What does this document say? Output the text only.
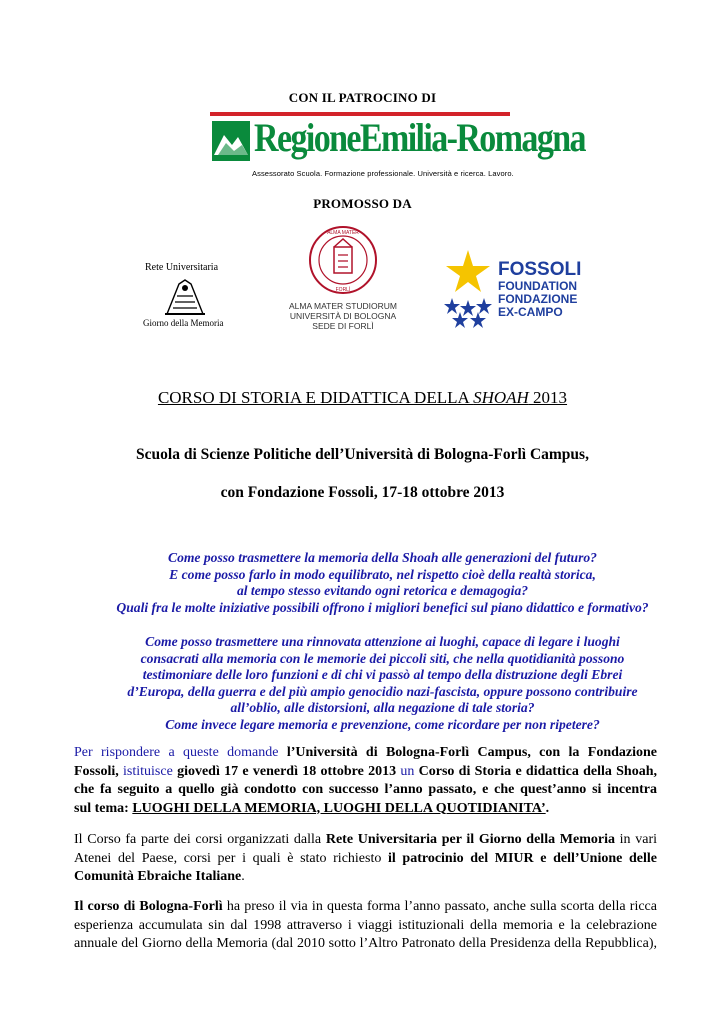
CON IL PATROCINO DI
RegioneEmilia-Romagna
Assessorato Scuola. Formazione professionale. Università e ricerca. Lavoro.
PROMOSSO DA
Rete Universitaria
Giorno della Memoria
ALMA MATER
FORLÌ
ALMA MATER STUDIORUM
UNIVERSITÀ DI BOLOGNA
SEDE DI FORLÌ
FOSSOLI
FOUNDATION
FONDAZIONE
EX-CAMPO
CORSO DI STORIA E DIDATTICA DELLA SHOAH 2013
Scuola di Scienze Politiche dell’Università di Bologna-Forlì Campus,
con Fondazione Fossoli, 17-18 ottobre 2013
Come posso trasmettere la memoria della Shoah alle generazioni del futuro?
E come posso farlo in modo equilibrato, nel rispetto cioè della realtà storica,
al tempo stesso evitando ogni retorica e demagogia?
Quali fra le molte iniziative possibili offrono i migliori benefici sul piano didattico e formativo?
Come posso trasmettere una rinnovata attenzione ai luoghi, capace di legare i luoghi
consacrati alla memoria con le memorie dei piccoli siti, che nella quotidianità possono
testimoniare delle loro funzioni e di chi vi passò al tempo della distruzione degli Ebrei
d’Europa, della guerra e del più ampio genocidio nazi-fascista, oppure possono contribuire
all’oblio, alle distorsioni, alla negazione di tale storia?
Come invece legare memoria e prevenzione, come ricordare per non ripetere?
Per rispondere a queste domande l’Università di Bologna-Forlì Campus, con la Fondazione
Fossoli, istituisce giovedì 17 e venerdì 18 ottobre 2013 un Corso di Storia e didattica della Shoah,
che fa seguito a quello già condotto con successo l’anno passato, e che quest’anno si incentra
sul tema: LUOGHI DELLA MEMORIA, LUOGHI DELLA QUOTIDIANITA’.
Il Corso fa parte dei corsi organizzati dalla Rete Universitaria per il Giorno della Memoria in vari
Atenei del Paese, corsi per i quali è stato richiesto il patrocinio del MIUR e dell’Unione delle
Comunità Ebraiche Italiane.
Il corso di Bologna-Forlì ha preso il via in questa forma l’anno passato, anche sulla scorta della ricca
esperienza accumulata sin dal 1998 attraverso i viaggi istituzionali della memoria e la celebrazione
annuale del Giorno della Memoria (dal 2010 sotto l’Altro Patronato della Presidenza della Repubblica),
